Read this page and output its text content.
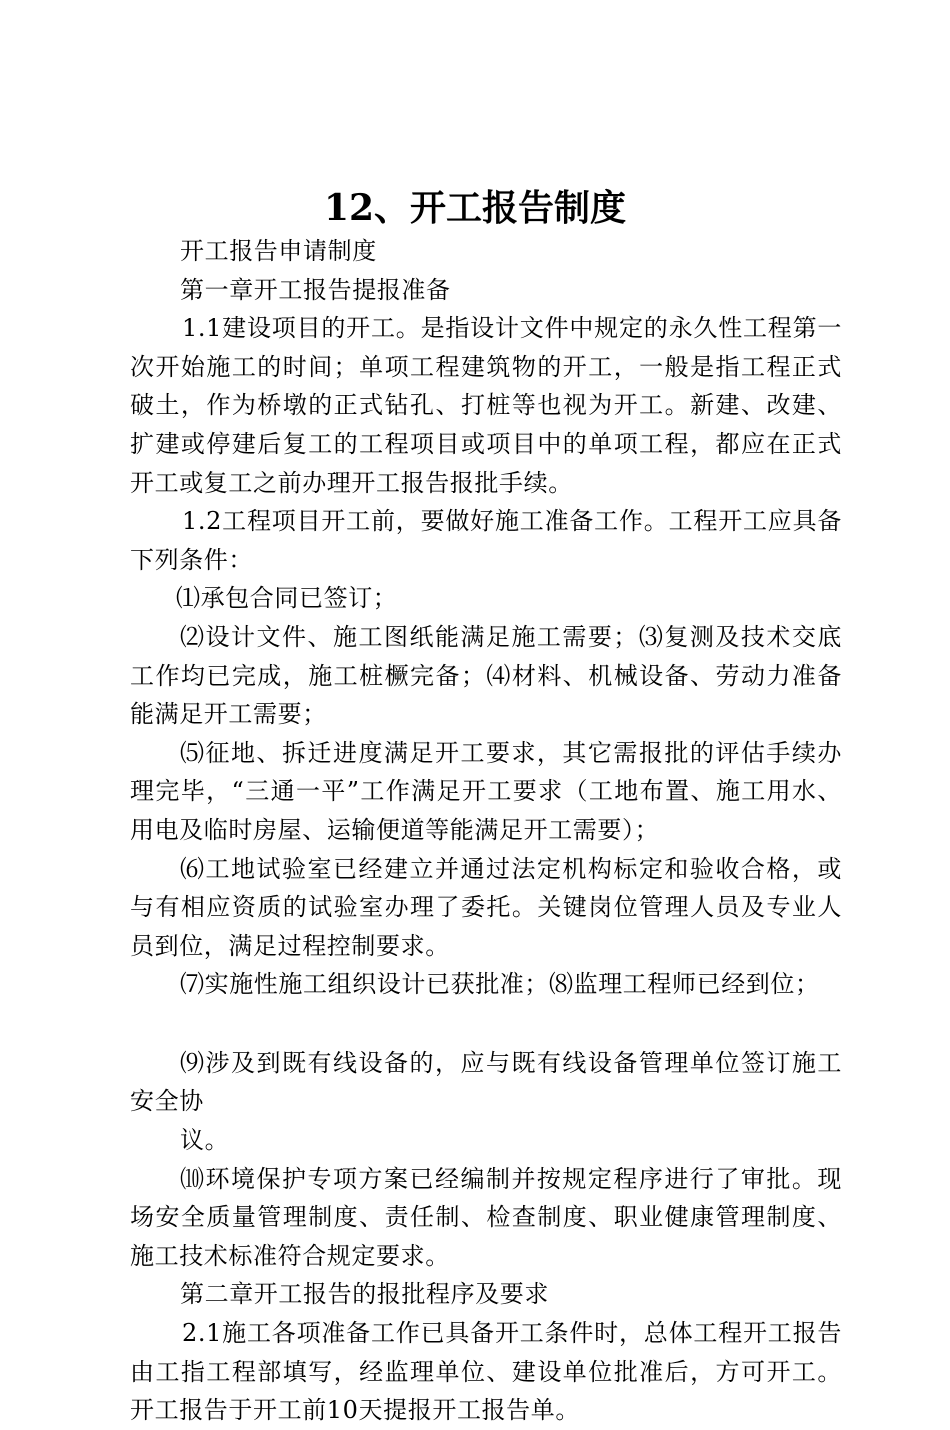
12、开工报告制度

开工报告申请制度

第一章开工报告提报准备

1.1建设项目的开工。是指设计文件中规定的永久性工程第一次开始施工的时间；单项工程建筑物的开工，一般是指工程正式破土，作为桥墩的正式钻孔、打桩等也视为开工。新建、改建、扩建或停建后复工的工程项目或项目中的单项工程，都应在正式开工或复工之前办理开工报告报批手续。

1.2工程项目开工前，要做好施工准备工作。工程开工应具备下列条件：

⑴承包合同已签订；

⑵设计文件、施工图纸能满足施工需要；⑶复测及技术交底工作均已完成，施工桩橛完备；⑷材料、机械设备、劳动力准备能满足开工需要；

⑸征地、拆迁进度满足开工要求，其它需报批的评估手续办理完毕，“三通一平”工作满足开工要求（工地布置、施工用水、用电及临时房屋、运输便道等能满足开工需要）；

⑹工地试验室已经建立并通过法定机构标定和验收合格，或与有相应资质的试验室办理了委托。关键岗位管理人员及专业人员到位，满足过程控制要求。

⑺实施性施工组织设计已获批准；⑻监理工程师已经到位；

⑼涉及到既有线设备的，应与既有线设备管理单位签订施工安全协

议。

⑽环境保护专项方案已经编制并按规定程序进行了审批。现场安全质量管理制度、责任制、检查制度、职业健康管理制度、施工技术标准符合规定要求。

第二章开工报告的报批程序及要求

2.1施工各项准备工作已具备开工条件时，总体工程开工报告由工指工程部填写，经监理单位、建设单位批准后，方可开工。开工报告于开工前10天提报开工报告单。
